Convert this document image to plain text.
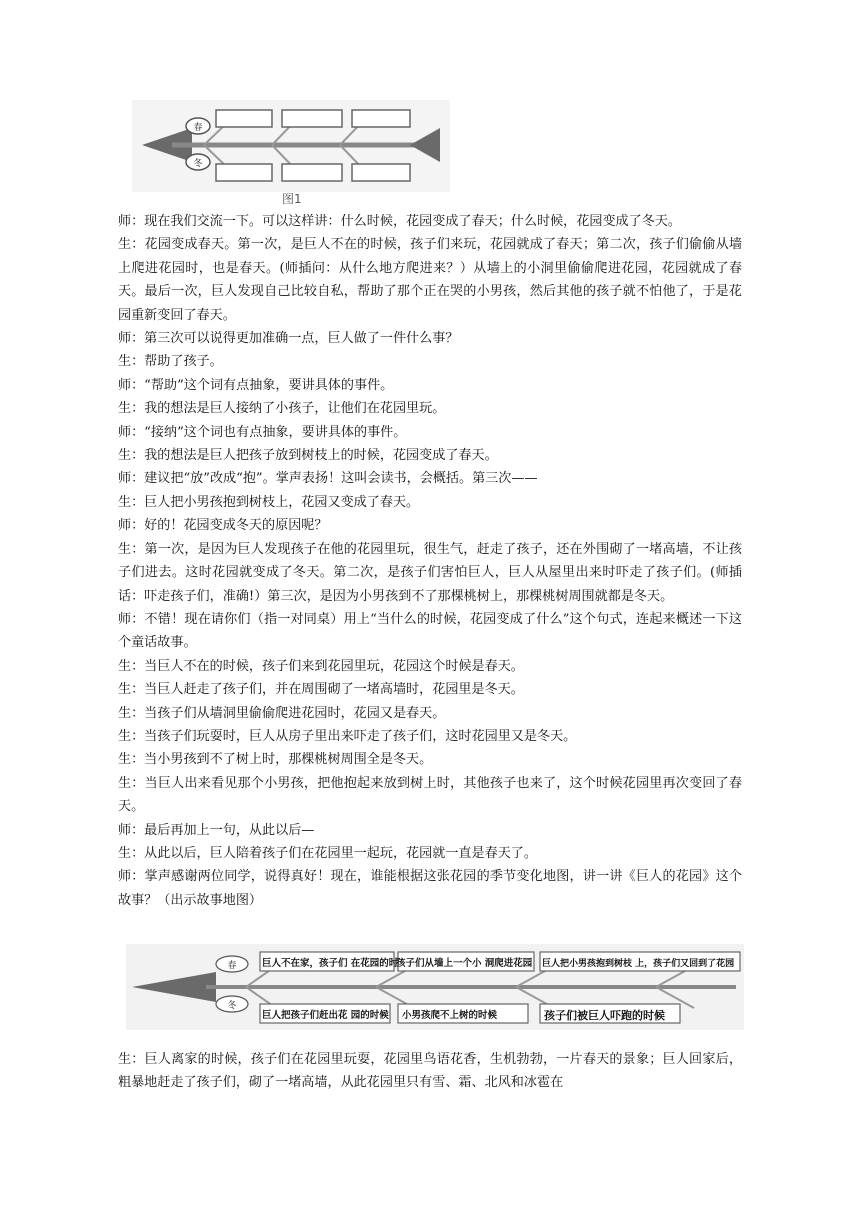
春
冬
图1

师：现在我们交流一下。可以这样讲：什么时候，花园变成了春天；什么时候，花园变成了冬天。

生：花园变成春天。第一次，是巨人不在的时候，孩子们来玩，花园就成了春天；第二次，孩子们偷偷从墙上爬进花园时，也是春天。(师插问：从什么地方爬进来？）从墙上的小洞里偷偷爬进花园，花园就成了春天。最后一次，巨人发现自己比较自私，帮助了那个正在哭的小男孩，然后其他的孩子就不怕他了，于是花园重新变回了春天。

师：第三次可以说得更加准确一点，巨人做了一件什么事？

生：帮助了孩子。

师：“帮助”这个词有点抽象，要讲具体的事件。

生：我的想法是巨人接纳了小孩子，让他们在花园里玩。

师：“接纳”这个词也有点抽象，要讲具体的事件。

生：我的想法是巨人把孩子放到树枝上的时候，花园变成了春天。

师：建议把“放”改成“抱”。掌声表扬！这叫会读书，会概括。第三次——

生：巨人把小男孩抱到树枝上，花园又变成了春天。

师：好的！花园变成冬天的原因呢？

生：第一次，是因为巨人发现孩子在他的花园里玩，很生气，赶走了孩子，还在外围砌了一堵高墙，不让孩子们进去。这时花园就变成了冬天。第二次，是孩子们害怕巨人，巨人从屋里出来时吓走了孩子们。(师插话：吓走孩子们，准确!）第三次，是因为小男孩到不了那棵桃树上，那棵桃树周围就都是冬天。

师：不错！现在请你们（指一对同桌）用上“当什么的时候，花园变成了什么”这个句式，连起来概述一下这个童话故事。

生：当巨人不在的时候，孩子们来到花园里玩，花园这个时候是春天。

生：当巨人赶走了孩子们，并在周围砌了一堵高墙时，花园里是冬天。

生：当孩子们从墙洞里偷偷爬进花园时，花园又是春天。

生：当孩子们玩耍时，巨人从房子里出来吓走了孩子们，这时花园里又是冬天。

生：当小男孩到不了树上时，那棵桃树周围全是冬天。

生：当巨人出来看见那个小男孩，把他抱起来放到树上时，其他孩子也来了，这个时候花园里再次变回了春天。

师：最后再加上一句，从此以后—

生：从此以后，巨人陪着孩子们在花园里一起玩，花园就一直是春天了。

师：掌声感谢两位同学，说得真好！现在，谁能根据这张花园的季节变化地图，讲一讲《巨人的花园》这个故事？（出示故事地图）

巨人不在家，孩子们 在花园的时
孩子们从墙上一个小 洞爬进花园 巨人把小男孩抱到树枝 上，孩子们又回到了花园
巨人把孩子们赶出花 园的时候 小男孩爬不上树的时候	孩子们被巨人吓跑的时候
春
冬

生：巨人离家的时候，孩子们在花园里玩耍，花园里鸟语花香，生机勃勃，一片春天的景象；巨人回家后，粗暴地赶走了孩子们，砌了一堵高墙，从此花园里只有雪、霜、北风和冰雹在
